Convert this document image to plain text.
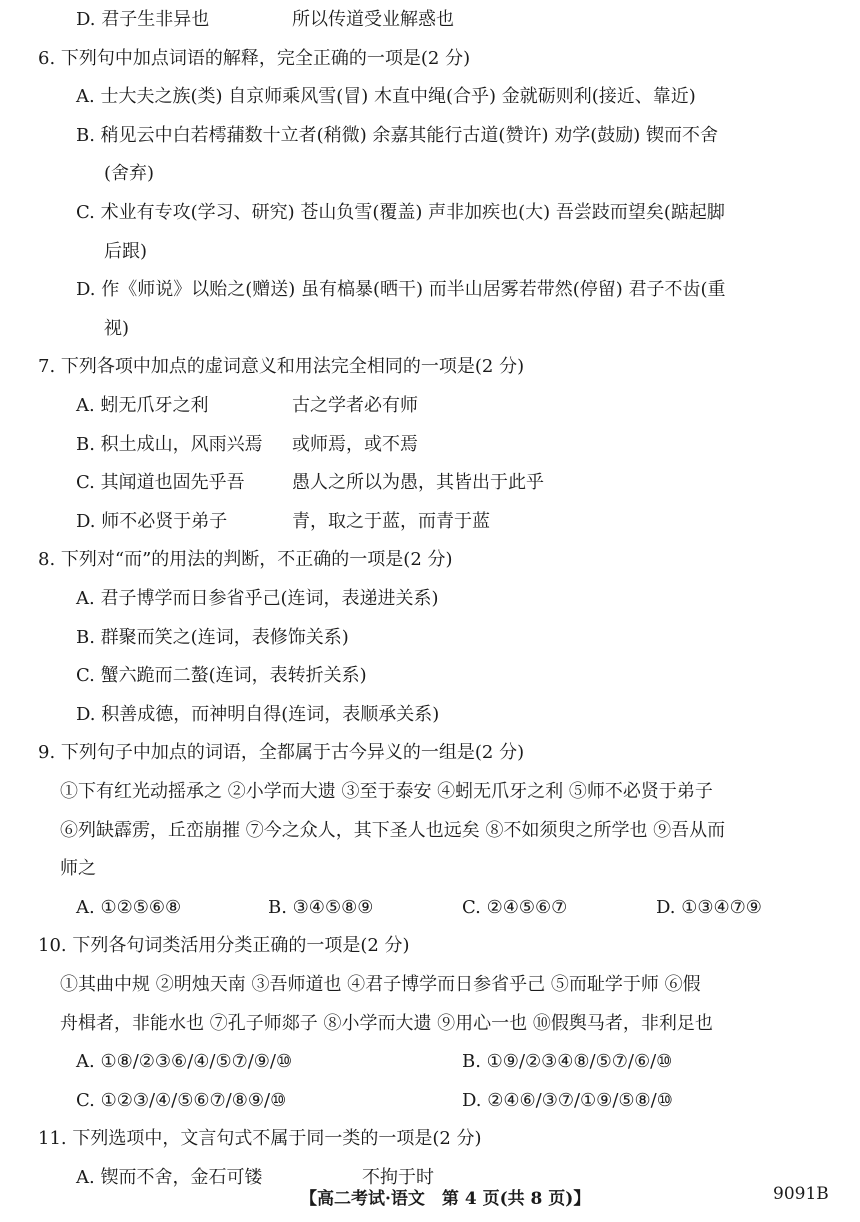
D. 君子生非异也	所以传道受业解惑也
6. 下列句中加点词语的解释，完全正确的一项是(2 分)
A. 士大夫之族(类) 自京师乘风雪(冒) 木直中绳(合乎) 金就砺则利(接近、靠近)
B. 稍见云中白若樗蒱数十立者(稍微) 余嘉其能行古道(赞许) 劝学(鼓励) 锲而不舍
(舍弃)
C. 术业有专攻(学习、研究) 苍山负雪(覆盖) 声非加疾也(大) 吾尝跂而望矣(踮起脚
后跟)
D. 作《师说》以贻之(赠送) 虽有槁暴(晒干) 而半山居雾若带然(停留) 君子不齿(重
视)
7. 下列各项中加点的虚词意义和用法完全相同的一项是(2 分)
A. 蚓无爪牙之利	古之学者必有师
B. 积土成山，风雨兴焉 或师焉，或不焉
C. 其闻道也固先乎吾	愚人之所以为愚，其皆出于此乎
D. 师不必贤于弟子	青，取之于蓝，而青于蓝
8. 下列对“而”的用法的判断，不正确的一项是(2 分)
A. 君子博学而日参省乎己(连词，表递进关系)
B. 群聚而笑之(连词，表修饰关系)
C. 蟹六跪而二螯(连词，表转折关系)
D. 积善成德，而神明自得(连词，表顺承关系)
9. 下列句子中加点的词语，全都属于古今异义的一组是(2 分)
①下有红光动摇承之 ②小学而大遗 ③至于泰安 ④蚓无爪牙之利 ⑤师不必贤于弟子
⑥列缺霹雳，丘峦崩摧 ⑦今之众人，其下圣人也远矣 ⑧不如须臾之所学也 ⑨吾从而
师之
A. ①②⑤⑥⑧	B. ③④⑤⑧⑨	C. ②④⑤⑥⑦	D. ①③④⑦⑨
10. 下列各句词类活用分类正确的一项是(2 分)
①其曲中规 ②明烛天南 ③吾师道也 ④君子博学而日参省乎己 ⑤而耻学于师 ⑥假
舟楫者，非能水也 ⑦孔子师郯子 ⑧小学而大遗 ⑨用心一也 ⑩假舆马者，非利足也
A. ①⑧/②③⑥/④/⑤⑦/⑨/⑩	B. ①⑨/②③④⑧/⑤⑦/⑥/⑩
C. ①②③/④/⑤⑥⑦/⑧⑨/⑩	D. ②④⑥/③⑦/①⑨/⑤⑧/⑩
11. 下列选项中，文言句式不属于同一类的一项是(2 分)
A. 锲而不舍，金石可镂	不拘于时
【高二考试·语文　第 4 页(共 8 页)】	9091B
